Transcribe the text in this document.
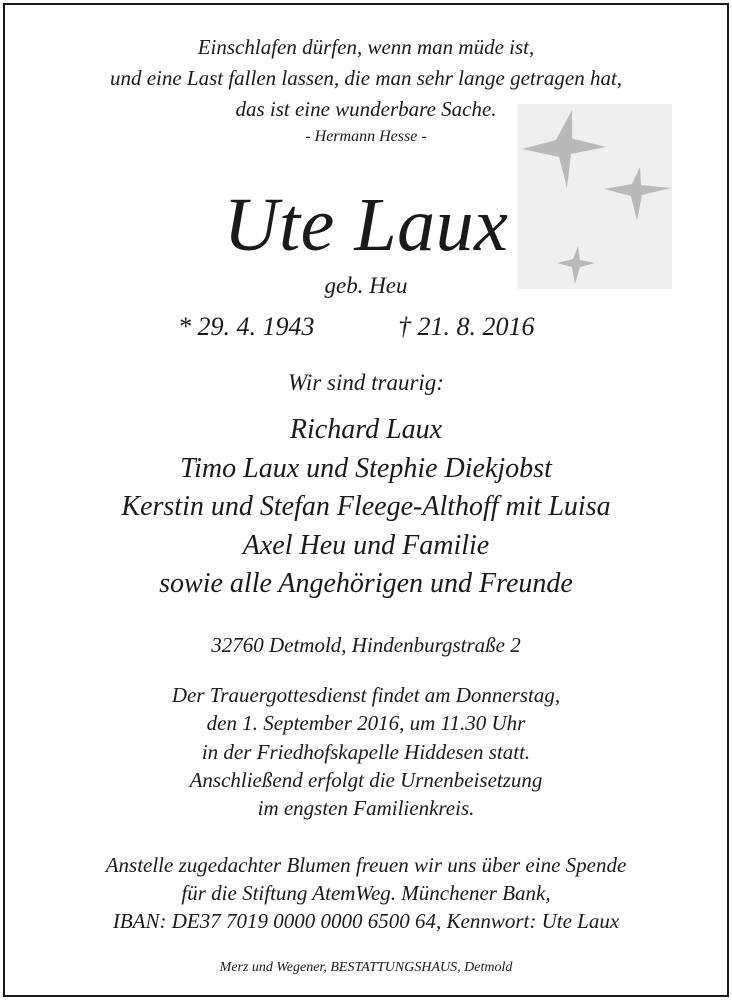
Einschlafen dürfen, wenn man müde ist,
und eine Last fallen lassen, die man sehr lange getragen hat,
das ist eine wunderbare Sache.
- Hermann Hesse -
Ute Laux
geb. Heu
* 29. 4. 1943	† 21. 8. 2016
Wir sind traurig:
Richard Laux
Timo Laux und Stephie Diekjobst
Kerstin und Stefan Fleege-Althoff mit Luisa
Axel Heu und Familie
sowie alle Angehörigen und Freunde
32760 Detmold, Hindenburgstraße 2
Der Trauergottesdienst findet am Donnerstag,
den 1. September 2016, um 11.30 Uhr
in der Friedhofskapelle Hiddesen statt.
Anschließend erfolgt die Urnenbeisetzung
im engsten Familienkreis.
Anstelle zugedachter Blumen freuen wir uns über eine Spende
für die Stiftung AtemWeg. Münchener Bank,
IBAN: DE37 7019 0000 0000 6500 64, Kennwort: Ute Laux
Merz und Wegener, BESTATTUNGSHAUS, Detmold
